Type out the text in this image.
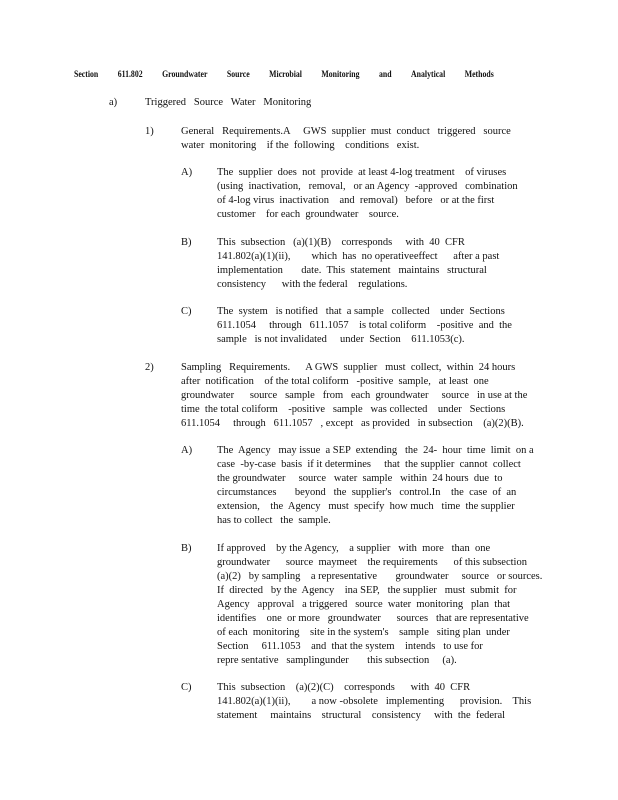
Section 611.802 Groundwater Source Microbial Monitoring and Analytical Methods
a)	Triggered   Source   Water   Monitoring
1)	General   Requirements.A     GWS  supplier  must  conduct   triggered   source
water  monitoring    if the  following    conditions   exist.
A) The  supplier  does  not  provide  at least 4-log treatment    of viruses
(using  inactivation,   removal,   or an Agency  -approved   combination
of 4-log virus  inactivation    and  removal)   before   or at the first
customer    for each  groundwater    source.
B) This  subsection   (a)(1)(B)    corresponds     with  40  CFR
141.802(a)(1)(ii),        which  has  no operativeeffect      after a past
implementation       date.  This  statement   maintains   structural
consistency      with the federal    regulations.
C) The  system   is notified   that  a sample   collected    under  Sections
611.1054     through   611.1057    is total coliform    -positive  and  the
sample   is not invalidated     under  Section    611.1053(c).
2)	Sampling   Requirements.      A GWS  supplier   must  collect,  within  24 hours
after  notification    of the total coliform   -positive  sample,   at least  one
groundwater      source   sample   from   each  groundwater     source   in use at the
time  the total coliform    -positive   sample   was collected    under   Sections
611.1054     through   611.1057   , except   as provided   in subsection    (a)(2)(B).
A) The  Agency   may issue  a SEP  extending   the  24-  hour  time  limit  on a
case  -by-case  basis  if it determines     that  the supplier  cannot  collect
the groundwater     source   water  sample   within  24 hours  due  to
circumstances       beyond   the  supplier's   control.In    the  case  of  an
extension,    the  Agency   must  specify  how much   time  the supplier
has to collect   the  sample.
B) If approved    by the Agency,    a supplier   with  more   than  one
groundwater      source  maymeet    the requirements      of this subsection
(a)(2)   by sampling    a representative       groundwater     source   or sources.
If  directed   by the  Agency    ina SEP,   the supplier   must  submit  for
Agency   approval   a triggered   source  water  monitoring   plan  that
identifies    one  or more   groundwater      sources   that are representative
of each  monitoring    site in the system's    sample   siting plan  under
Section     611.1053    and  that the system    intends   to use for
repre sentative   samplingunder       this subsection     (a).
C) This  subsection    (a)(2)(C)    corresponds      with  40  CFR
141.802(a)(1)(ii),        a now -obsolete   implementing      provision.    This
statement     maintains    structural    consistency     with  the  federal
